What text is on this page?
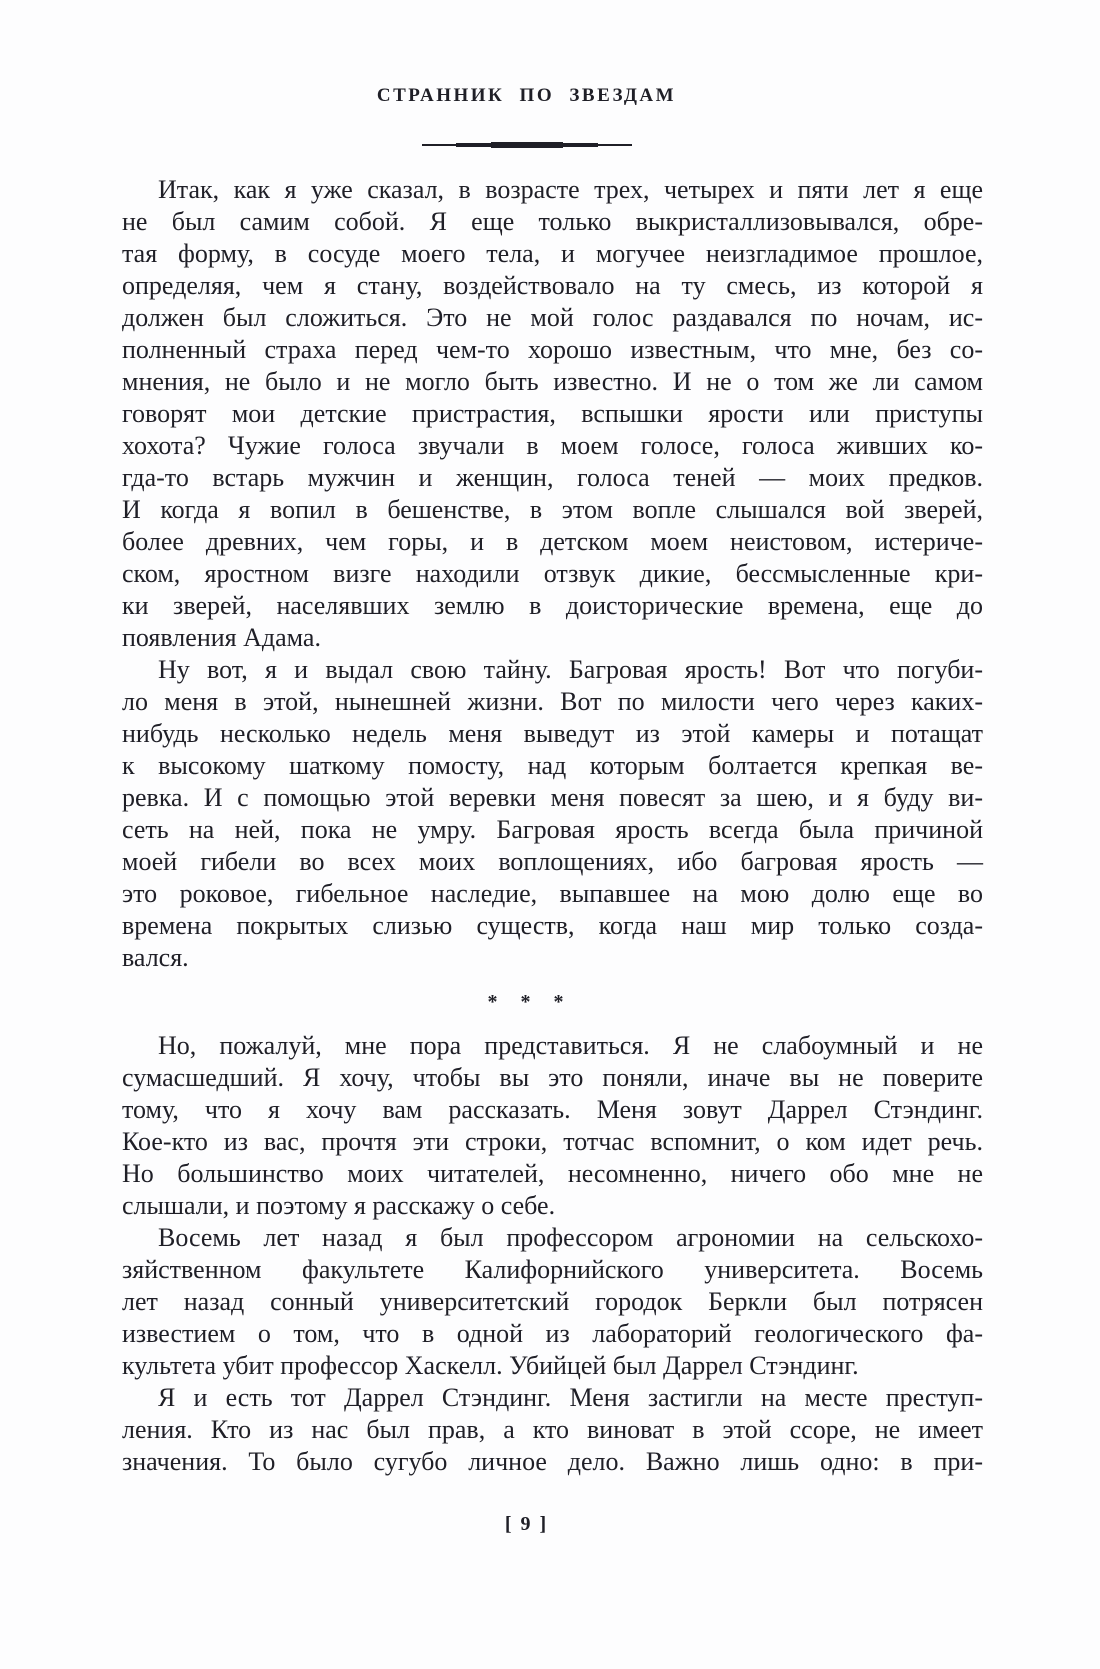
СТРАННИК ПО ЗВЕЗДАМ
Итак, как я уже сказал, в возрасте трех, четырех и пяти лет я еще
не был самим собой. Я еще только выкристаллизовывался, обре-
тая форму, в сосуде моего тела, и могучее неизгладимое прошлое,
определяя, чем я стану, воздействовало на ту смесь, из которой я
должен был сложиться. Это не мой голос раздавался по ночам, ис-
полненный страха перед чем-то хорошо известным, что мне, без со-
мнения, не было и не могло быть известно. И не о том же ли самом
говорят мои детские пристрастия, вспышки ярости или приступы
хохота? Чужие голоса звучали в моем голосе, голоса живших ко-
гда-то встарь мужчин и женщин, голоса теней — моих предков.
И когда я вопил в бешенстве, в этом вопле слышался вой зверей,
более древних, чем горы, и в детском моем неистовом, истериче-
ском, яростном визге находили отзвук дикие, бессмысленные кри-
ки зверей, населявших землю в доисторические времена, еще до
появления Адама.
Ну вот, я и выдал свою тайну. Багровая ярость! Вот что погуби-
ло меня в этой, нынешней жизни. Вот по милости чего через каких-
нибудь несколько недель меня выведут из этой камеры и потащат
к высокому шаткому помосту, над которым болтается крепкая ве-
ревка. И с помощью этой веревки меня повесят за шею, и я буду ви-
сеть на ней, пока не умру. Багровая ярость всегда была причиной
моей гибели во всех моих воплощениях, ибо багровая ярость —
это роковое, гибельное наследие, выпавшее на мою долю еще во
времена покрытых слизью существ, когда наш мир только созда-
вался.
* * *
Но, пожалуй, мне пора представиться. Я не слабоумный и не
сумасшедший. Я хочу, чтобы вы это поняли, иначе вы не поверите
тому, что я хочу вам рассказать. Меня зовут Даррел Стэндинг.
Кое-кто из вас, прочтя эти строки, тотчас вспомнит, о ком идет речь.
Но большинство моих читателей, несомненно, ничего обо мне не
слышали, и поэтому я расскажу о себе.
Восемь лет назад я был профессором агрономии на сельскохо-
зяйственном факультете Калифорнийского университета. Восемь
лет назад сонный университетский городок Беркли был потрясен
известием о том, что в одной из лабораторий геологического фа-
культета убит профессор Хаскелл. Убийцей был Даррел Стэндинг.
Я и есть тот Даррел Стэндинг. Меня застигли на месте преступ-
ления. Кто из нас был прав, а кто виноват в этой ссоре, не имеет
значения. То было сугубо личное дело. Важно лишь одно: в при-
[ 9 ]
